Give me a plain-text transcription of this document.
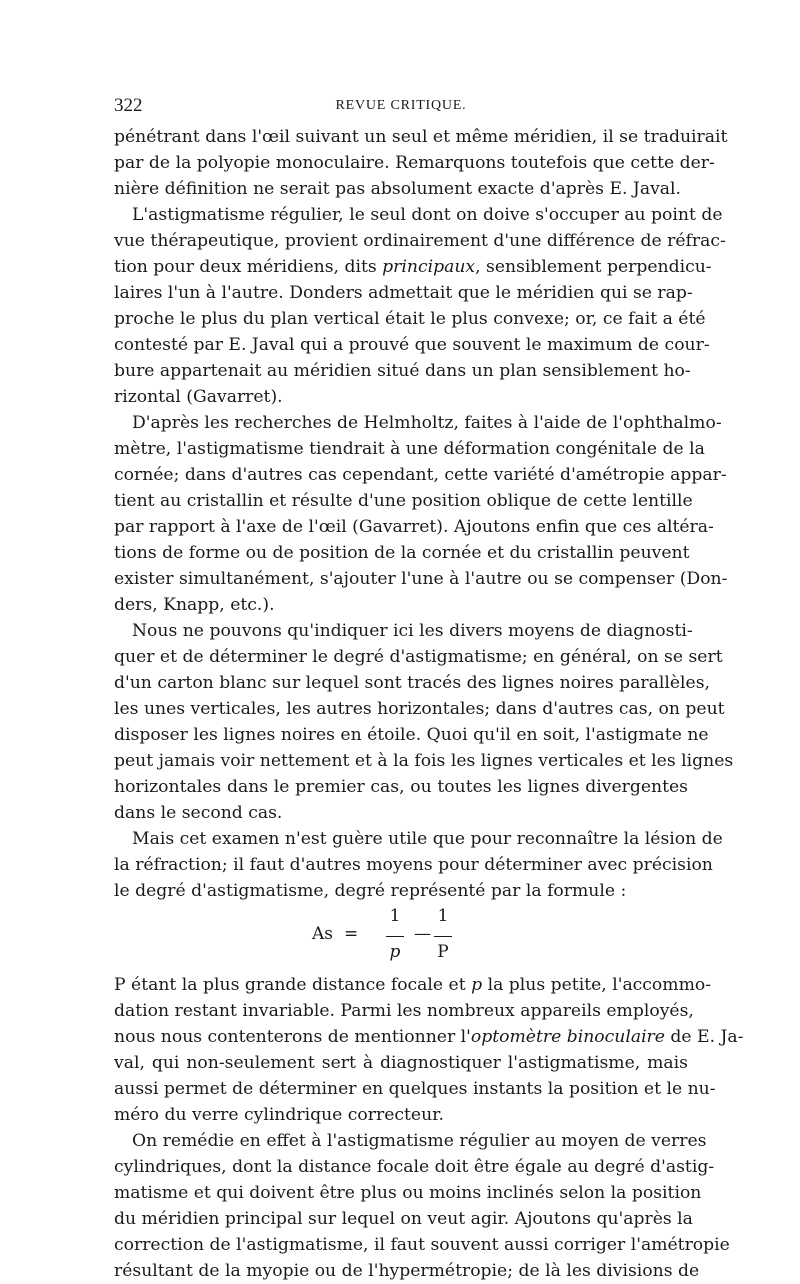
322	REVUE CRITIQUE.
pénétrant dans l'œil suivant un seul et même méridien, il se traduirait
par de la polyopie monoculaire. Remarquons toutefois que cette der-
nière définition ne serait pas absolument exacte d'après E. Javal.
L'astigmatisme régulier, le seul dont on doive s'occuper au point de
vue thérapeutique, provient ordinairement d'une différence de réfrac-
tion pour deux méridiens, dits principaux, sensiblement perpendicu-
laires l'un à l'autre. Donders admettait que le méridien qui se rap-
proche le plus du plan vertical était le plus convexe; or, ce fait a été
contesté par E. Javal qui a prouvé que souvent le maximum de cour-
bure appartenait au méridien situé dans un plan sensiblement ho-
rizontal (Gavarret).
D'après les recherches de Helmholtz, faites à l'aide de l'ophthalmo-
mètre, l'astigmatisme tiendrait à une déformation congénitale de la
cornée; dans d'autres cas cependant, cette variété d'amétropie appar-
tient au cristallin et résulte d'une position oblique de cette lentille
par rapport à l'axe de l'œil (Gavarret). Ajoutons enfin que ces altéra-
tions de forme ou de position de la cornée et du cristallin peuvent
exister simultanément, s'ajouter l'une à l'autre ou se compenser (Don-
ders, Knapp, etc.).
Nous ne pouvons qu'indiquer ici les divers moyens de diagnosti-
quer et de déterminer le degré d'astigmatisme; en général, on se sert
d'un carton blanc sur lequel sont tracés des lignes noires parallèles,
les unes verticales, les autres horizontales; dans d'autres cas, on peut
disposer les lignes noires en étoile. Quoi qu'il en soit, l'astigmate ne
peut jamais voir nettement et à la fois les lignes verticales et les lignes
horizontales dans le premier cas, ou toutes les lignes divergentes
dans le second cas.
Mais cet examen n'est guère utile que pour reconnaître la lésion de
la réfraction; il faut d'autres moyens pour déterminer avec précision
le degré d'astigmatisme, degré représenté par la formule :
As =
1
p
—
1
P
P étant la plus grande distance focale et p la plus petite, l'accommo-
dation restant invariable. Parmi les nombreux appareils employés,
nous nous contenterons de mentionner l'optomètre binoculaire de E. Ja-
val, qui non-seulement sert à diagnostiquer l'astigmatisme, mais
aussi permet de déterminer en quelques instants la position et le nu-
méro du verre cylindrique correcteur.
On remédie en effet à l'astigmatisme régulier au moyen de verres
cylindriques, dont la distance focale doit être égale au degré d'astig-
matisme et qui doivent être plus ou moins inclinés selon la position
du méridien principal sur lequel on veut agir. Ajoutons qu'après la
correction de l'astigmatisme, il faut souvent aussi corriger l'amétropie
résultant de la myopie ou de l'hypermétropie; de là les divisions de
